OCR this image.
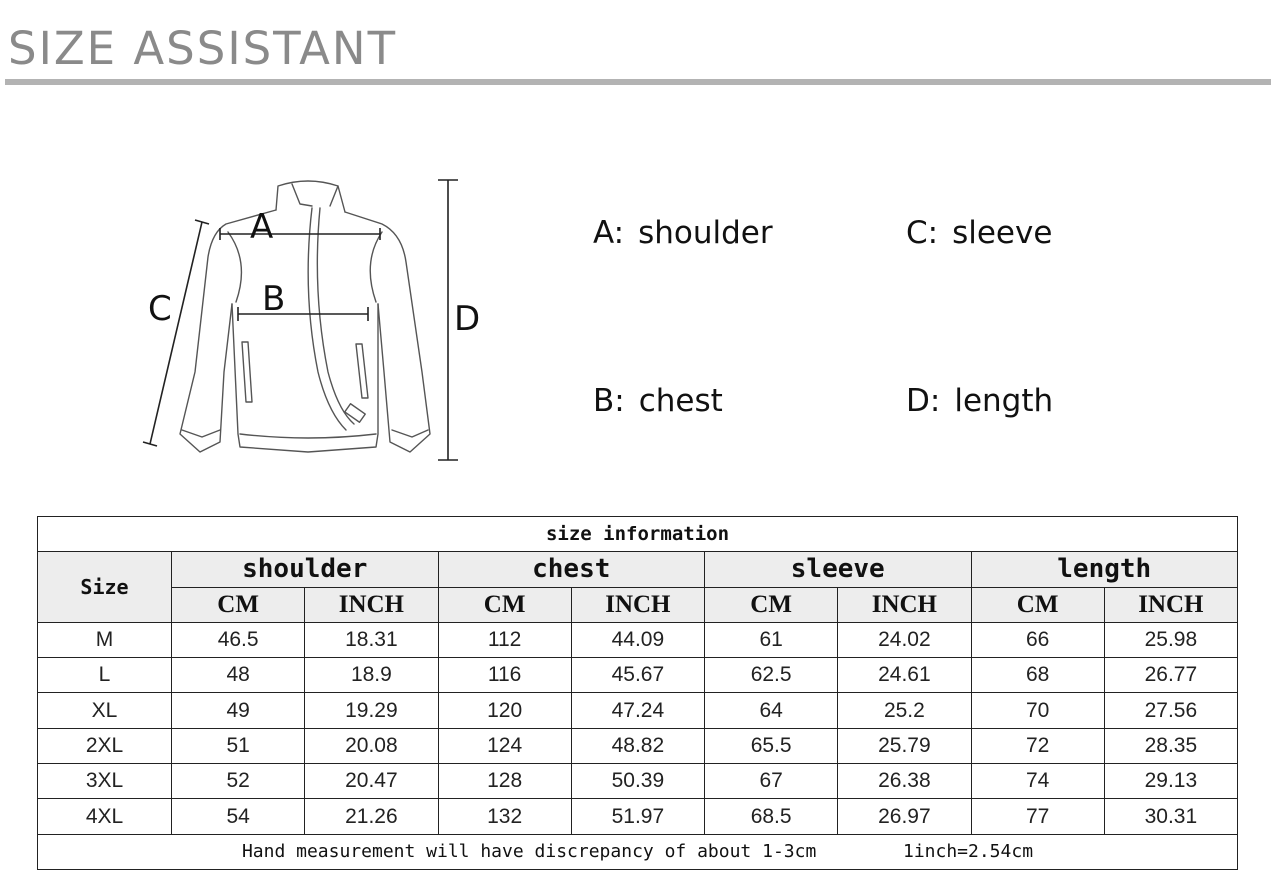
SIZE ASSISTANT
A
B
C	D
A: shoulder	C: sleeve
B: chest	D: length
size information								
Size	shoulder		chest		sleeve		length	
	CM	INCH	CM	INCH	CM	INCH	CM	INCH
M	46.5	18.31	112	44.09	61	24.02	66	25.98
L	48	18.9	116	45.67	62.5	24.61	68	26.77
XL	49	19.29	120	47.24	64	25.2	70	27.56
2XL	51	20.08	124	48.82	65.5	25.79	72	28.35
3XL	52	20.47	128	50.39	67	26.38	74	29.13
4XL	54	21.26	132	51.97	68.5	26.97	77	30.31
Hand measurement will have discrepancy of about 1-3cm        1inch=2.54cm								
